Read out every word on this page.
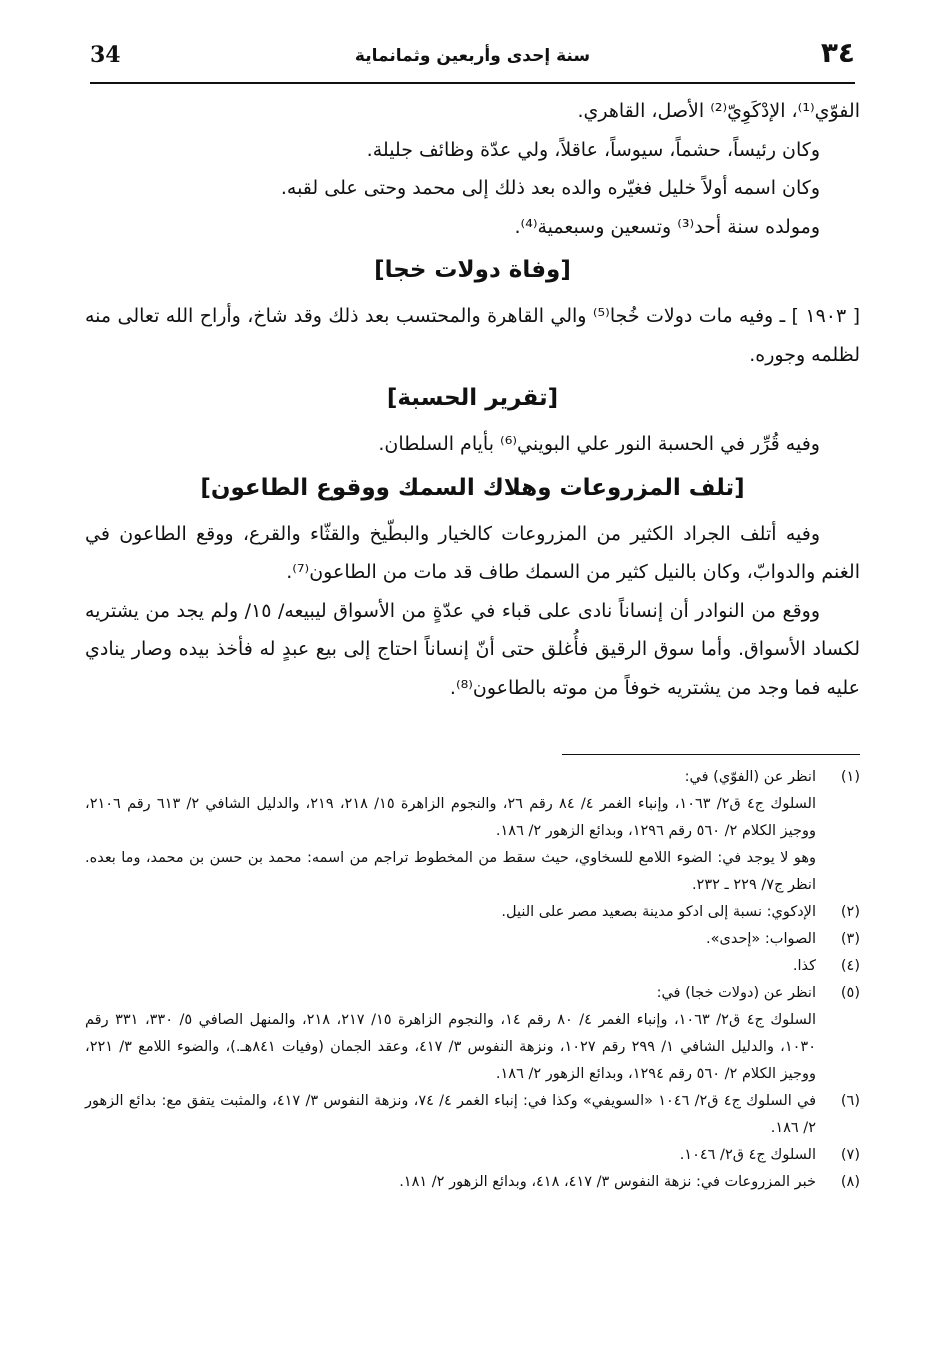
34	سنة إحدى وأربعين وثمانماية	٣٤

الفوّي⁽¹⁾، الإدْكَوِيّ⁽²⁾ الأصل، القاهري.

وكان رئيساً، حشماً، سيوساً، عاقلاً، ولي عدّة وظائف جليلة.

وكان اسمه أولاً خليل فغيّره والده بعد ذلك إلى محمد وحتى على لقبه.

ومولده سنة أحد⁽³⁾ وتسعين وسبعمية⁽⁴⁾.

[وفاة دولات خجا]

[ ١٩٠٣ ] ـ وفيه مات دولات خُجا⁽⁵⁾ والي القاهرة والمحتسب بعد ذلك وقد شاخ، وأراح الله تعالى منه لظلمه وجوره.

[تقرير الحسبة]

وفيه قُرِّر في الحسبة النور علي البويني⁽⁶⁾ بأيام السلطان.

[تلف المزروعات وهلاك السمك ووقوع الطاعون]

وفيه أتلف الجراد الكثير من المزروعات كالخيار والبطّيخ والقثّاء والقرع، ووقع الطاعون في الغنم والدوابّ، وكان بالنيل كثير من السمك طاف قد مات من الطاعون⁽⁷⁾.

ووقع من النوادر أن إنساناً نادى على قباء في عدّةٍ من الأسواق ليبيعه/ ١٥/ ولم يجد من يشتريه لكساد الأسواق. وأما سوق الرقيق فأُغلق حتى أنّ إنساناً احتاج إلى بيع عبدٍ له فأخذ بيده وصار ينادي عليه فما وجد من يشتريه خوفاً من موته بالطاعون⁽⁸⁾.

(١)

انظر عن (الفوّي) في:

السلوك ج٤ ق٢/ ١٠٦٣، وإنباء الغمر ٤/ ٨٤ رقم ٢٦، والنجوم الزاهرة ١٥/ ٢١٨، ٢١٩، والدليل الشافي ٢/ ٦١٣ رقم ٢١٠٦، ووجيز الكلام ٢/ ٥٦٠ رقم ١٢٩٦، وبدائع الزهور ٢/ ١٨٦.

وهو لا يوجد في: الضوء اللامع للسخاوي، حيث سقط من المخطوط تراجم من اسمه: محمد بن حسن بن محمد، وما بعده. انظر ج٧/ ٢٢٩ ـ ٢٣٢.

(٢)

الإدكوي: نسبة إلى ادكو مدينة بصعيد مصر على النيل.

(٣)

الصواب: «إحدى».

(٤)

كذا.

(٥)

انظر عن (دولات خجا) في:

السلوك ج٤ ق٢/ ١٠٦٣، وإنباء الغمر ٤/ ٨٠ رقم ١٤، والنجوم الزاهرة ١٥/ ٢١٧، ٢١٨، والمنهل الصافي ٥/ ٣٣٠، ٣٣١ رقم ١٠٣٠، والدليل الشافي ١/ ٢٩٩ رقم ١٠٢٧، ونزهة النفوس ٣/ ٤١٧، وعقد الجمان (وفيات ٨٤١هـ.)، والضوء اللامع ٣/ ٢٢١، ووجيز الكلام ٢/ ٥٦٠ رقم ١٢٩٤، وبدائع الزهور ٢/ ١٨٦.

(٦)

في السلوك ج٤ ق٢/ ١٠٤٦ «السويفي» وكذا في: إنباء الغمر ٤/ ٧٤، ونزهة النفوس ٣/ ٤١٧، والمثبت يتفق مع: بدائع الزهور ٢/ ١٨٦.

(٧)

السلوك ج٤ ق٢/ ١٠٤٦.

(٨)

خبر المزروعات في: نزهة النفوس ٣/ ٤١٧، ٤١٨، وبدائع الزهور ٢/ ١٨١.
